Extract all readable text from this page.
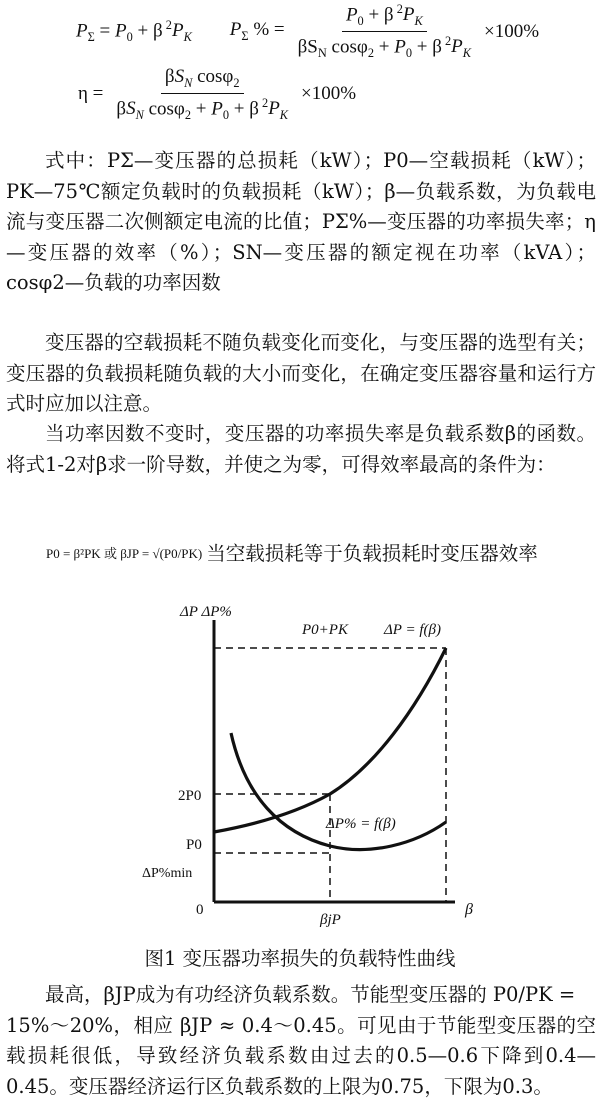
$P_\Sigma = P_0 + \beta$ $^2P_K$ $P_\Sigma$ % = $\frac{P_0 + \beta ^2P_K}{\beta S_N \cos\varphi_2 + P_0 + \beta ^2P_K} \times 100\%$
$\eta = \frac{\beta S_N \cos\varphi_2}{\beta S_N \cos\varphi_2 + P_0 + \beta ^2P_K} \times 100\%$

式中：PΣ—变压器的总损耗（kW）；P0—空载损耗（kW）；PK—75℃额定负载时的负载损耗（kW）；β—负载系数，为负载电流与变压器二次侧额定电流的比值；PΣ%—变压器的功率损失率；η—变压器的效率（%）；SN—变压器的额定视在功率（kVA）；cosφ2—负载的功率因数

变压器的空载损耗不随负载变化而变化，与变压器的选型有关；变压器的负载损耗随负载的大小而变化，在确定变压器容量和运行方式时应加以注意。

当功率因数不变时，变压器的功率损失率是负载系数β的函数。将式1-2对β求一阶导数，并使之为零，可得效率最高的条件为：

P0 = β²PK 或 βJP = √(P0/PK) 当空载损耗等于负载损耗时变压器效率
ΔP ΔP%
P0+PK ΔP = f(β)
ΔP% = f(β)
2P0
P0
ΔP%min
0
βjP
β
图1 变压器功率损失的负载特性曲线

最高，βJP成为有功经济负载系数。节能型变压器的 P0/PK =

15%～20%，相应 βJP ≈ 0.4～0.45。可见由于节能型变压器的空载损耗很低，导致经济负载系数由过去的0.5—0.6下降到0.4—0.45。变压器经济运行区负载系数的上限为0.75，下限为0.3。
